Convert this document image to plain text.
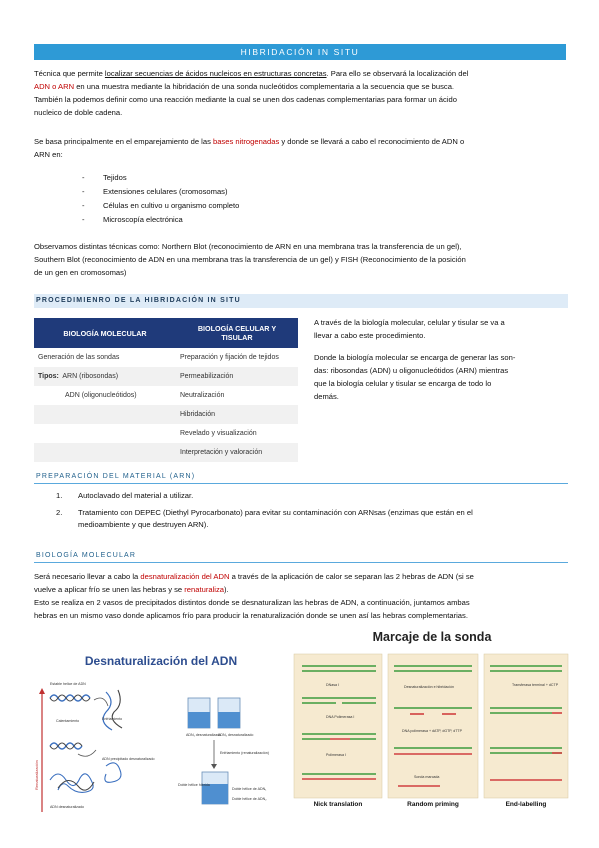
HIBRIDACIÓN IN SITU
Técnica que permite localizar secuencias de ácidos nucleicos en estructuras concretas. Para ello se observará la localización del
ADN o ARN en una muestra mediante la hibridación de una sonda nucleótidos complementaria a la secuencia que se busca.
También la podemos definir como una reacción mediante la cual se unen dos cadenas complementarias para formar un ácido
nucleico de doble cadena.
Se basa principalmente en el emparejamiento de las bases nitrogenadas y donde se llevará a cabo el reconocimiento de ADN o
ARN en:
- Tejidos
- Extensiones celulares (cromosomas)
- Células en cultivo u organismo completo
- Microscopía electrónica
Observamos distintas técnicas como: Northern Blot (reconocimiento de ARN en una membrana tras la transferencia de un gel),
Southern Blot (reconocimiento de ADN en una membrana tras la transferencia de un gel) y FISH (Reconocimiento de la posición
de un gen en cromosomas)
PROCEDIMIENRO DE LA HIBRIDACIÓN IN SITU
BIOLOGÍA MOLECULAR	BIOLOGÍA CELULAR Y TISULAR
Generación de las sondas	Preparación y fijación de tejidos
Tipos: ARN (ribosondas)	Permeabilización
ADN (oligonucleótidos)	Neutralización
	Hibridación
	Revelado y visualización
	Interpretación y valoración
A través de la biología molecular, celular y tisular se va a
llevar a cabo este procedimiento.
Donde la biología molecular se encarga de generar las son-
das: ribosondas (ADN) u oligonucleótidos (ARN) mientras
que la biología celular y tisular se encarga de todo lo
demás.
PREPARACIÓN DEL MATERIAL (ARN)
1. Autoclavado del material a utilizar.
2. Tratamiento con DEPEC (Diethyl Pyrocarbonato) para evitar su contaminación con ARNsas (enzimas que están en el
medioambiente y que destruyen ARN).
BIOLOGÍA MOLECULAR
Será necesario llevar a cabo la desnaturalización del ADN a través de la aplicación de calor se separan las 2 hebras de ADN (si se
vuelve a aplicar frío se unen las hebras y se renaturaliza).
Esto se realiza en 2 vasos de precipitados distintos donde se desnaturalizan las hebras de ADN, a continuación, juntamos ambas
hebras en un mismo vaso donde aplicamos frío para producir la renaturalización donde se unen así las hebras complementarias.
Desnaturalización del ADN
Renaturalización
Estable helice de ADN
Calentamiento	Enfriamiento
ADN precipitado desnaturalizado
ADN desnaturalizado
ADN₁ desnaturalizado
ADN₂ desnaturalizado
Enfriamiento (renaturalización)
Doble hélice híbrida
Doble hélice de ADN₁
Doble hélice de ADN₂
Marcaje de la sonda
DNasa I
DNA Polimerasa I
Polimerasa I
Desnaturalización e hibridación
DNA polimerasa + dATP, dGTP, dTTP
Sonda marcada
Transferasa terminal + dCTP
Nick translation	Random priming	End-labelling
